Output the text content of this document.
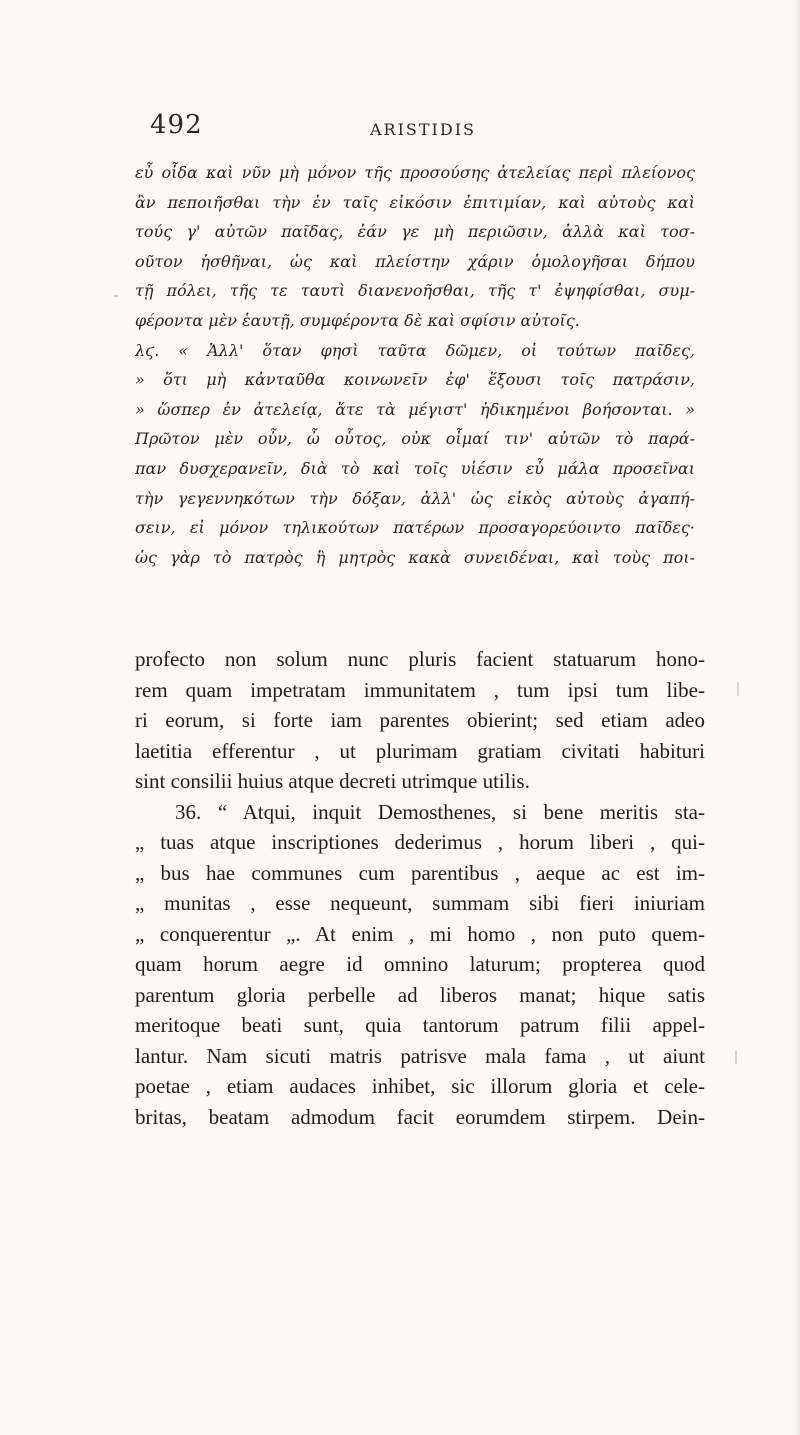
492	ARISTIDIS
εὖ οἶδα καὶ νῦν μὴ μόνον τῆς προσούσης ἀτελείας περὶ πλείονος
ἂν πεποιῆσθαι τὴν ἐν ταῖς εἰκόσιν ἐπιτιμίαν, καὶ αὐτοὺς καὶ
τούς γ' αὐτῶν παῖδας, ἐάν γε μὴ περιῶσιν, ἀλλὰ καὶ τοσ-
οῦτον ἡσθῆναι, ὡς καὶ πλείστην χάριν ὁμολογῆσαι δήπου
τῇ πόλει, τῆς τε ταυτὶ διανενοῆσθαι, τῆς τ' ἐψηφίσθαι, συμ-
φέροντα μὲν ἑαυτῇ, συμφέροντα δὲ καὶ σφίσιν αὐτοῖς.
λϛ. « Ἀλλ' ὅταν φησὶ ταῦτα δῶμεν, οἱ τούτων παῖδες,
» ὅτι μὴ κἀνταῦθα κοινωνεῖν ἐφ' ἕξουσι τοῖς πατράσιν,
» ὥσπερ ἐν ἀτελείᾳ, ἅτε τὰ μέγιστ' ἠδικημένοι βοήσονται. »
Πρῶτον μὲν οὖν, ὦ οὗτος, οὐκ οἶμαί τιν' αὐτῶν τὸ παρά-
παν δυσχερανεῖν, διὰ τὸ καὶ τοῖς υἱέσιν εὖ μάλα προσεῖναι
τὴν γεγεννηκότων τὴν δόξαν, ἀλλ' ὡς εἰκὸς αὐτοὺς ἀγαπή-
σειν, εἰ μόνον τηλικούτων πατέρων προσαγορεύοιντο παῖδες·
ὡς γὰρ τὸ πατρὸς ἢ μητρὸς κακὰ συνειδέναι, καὶ τοὺς ποι-
profecto non solum nunc pluris facient statuarum hono-
rem quam impetratam immunitatem , tum ipsi tum libe-
ri eorum, si forte iam parentes obierint; sed etiam adeo
laetitia efferentur , ut plurimam gratiam civitati habituri
sint consilii huius atque decreti utrimque utilis.
36. “ Atqui, inquit Demosthenes, si bene meritis sta-
„ tuas atque inscriptiones dederimus , horum liberi , qui-
„ bus hae communes cum parentibus , aeque ac est im-
„ munitas , esse nequeunt, summam sibi fieri iniuriam
„ conquerentur „. At enim , mi homo , non puto quem-
quam horum aegre id omnino laturum; propterea quod
parentum gloria perbelle ad liberos manat; hique satis
meritoque beati sunt, quia tantorum patrum filii appel-
lantur. Nam sicuti matris patrisve mala fama , ut aiunt
poetae , etiam audaces inhibet, sic illorum gloria et cele-
britas, beatam admodum facit eorumdem stirpem. Dein-
